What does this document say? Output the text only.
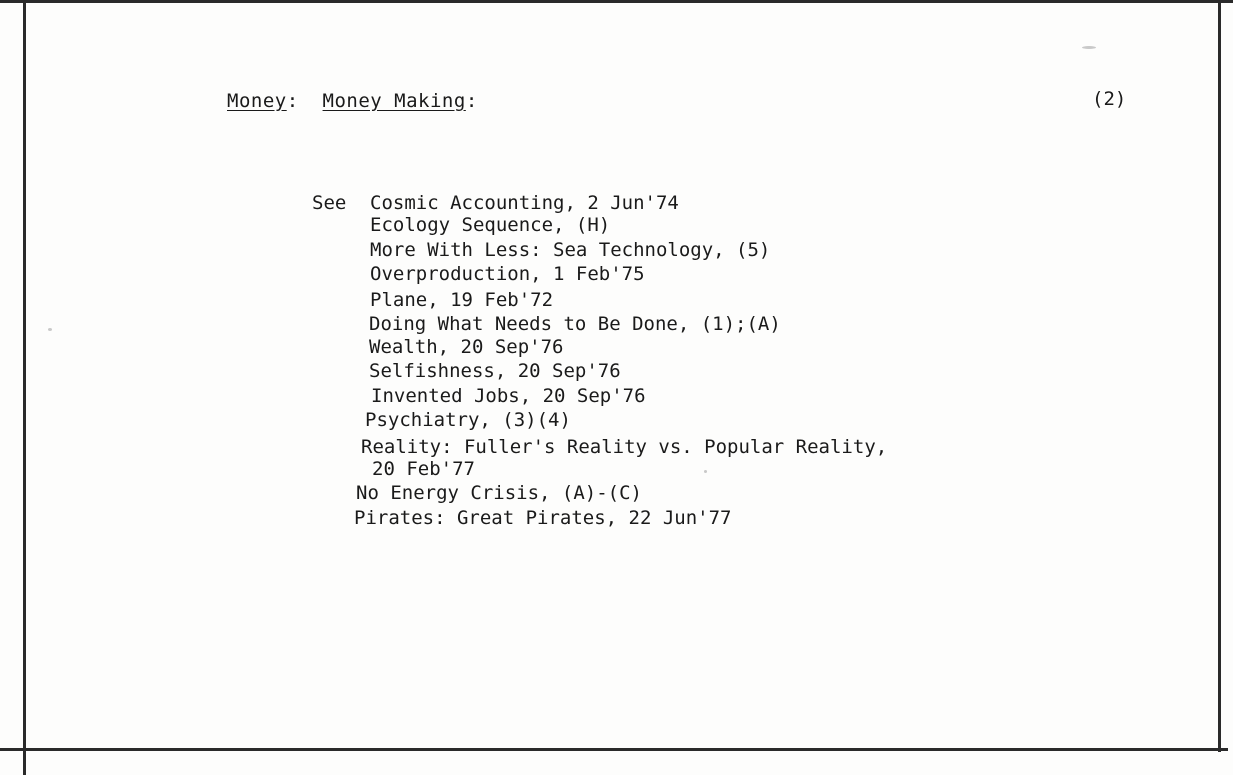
Money: Money Making:	(2)
See Cosmic Accounting, 2 Jun'74
Ecology Sequence, (H)
More With Less: Sea Technology, (5)
Overproduction, 1 Feb'75
Plane, 19 Feb'72
Doing What Needs to Be Done, (1);(A)
Wealth, 20 Sep'76
Selfishness, 20 Sep'76
Invented Jobs, 20 Sep'76
Psychiatry, (3)(4)
Reality: Fuller's Reality vs. Popular Reality,
20 Feb'77
No Energy Crisis, (A)-(C)
Pirates: Great Pirates, 22 Jun'77
